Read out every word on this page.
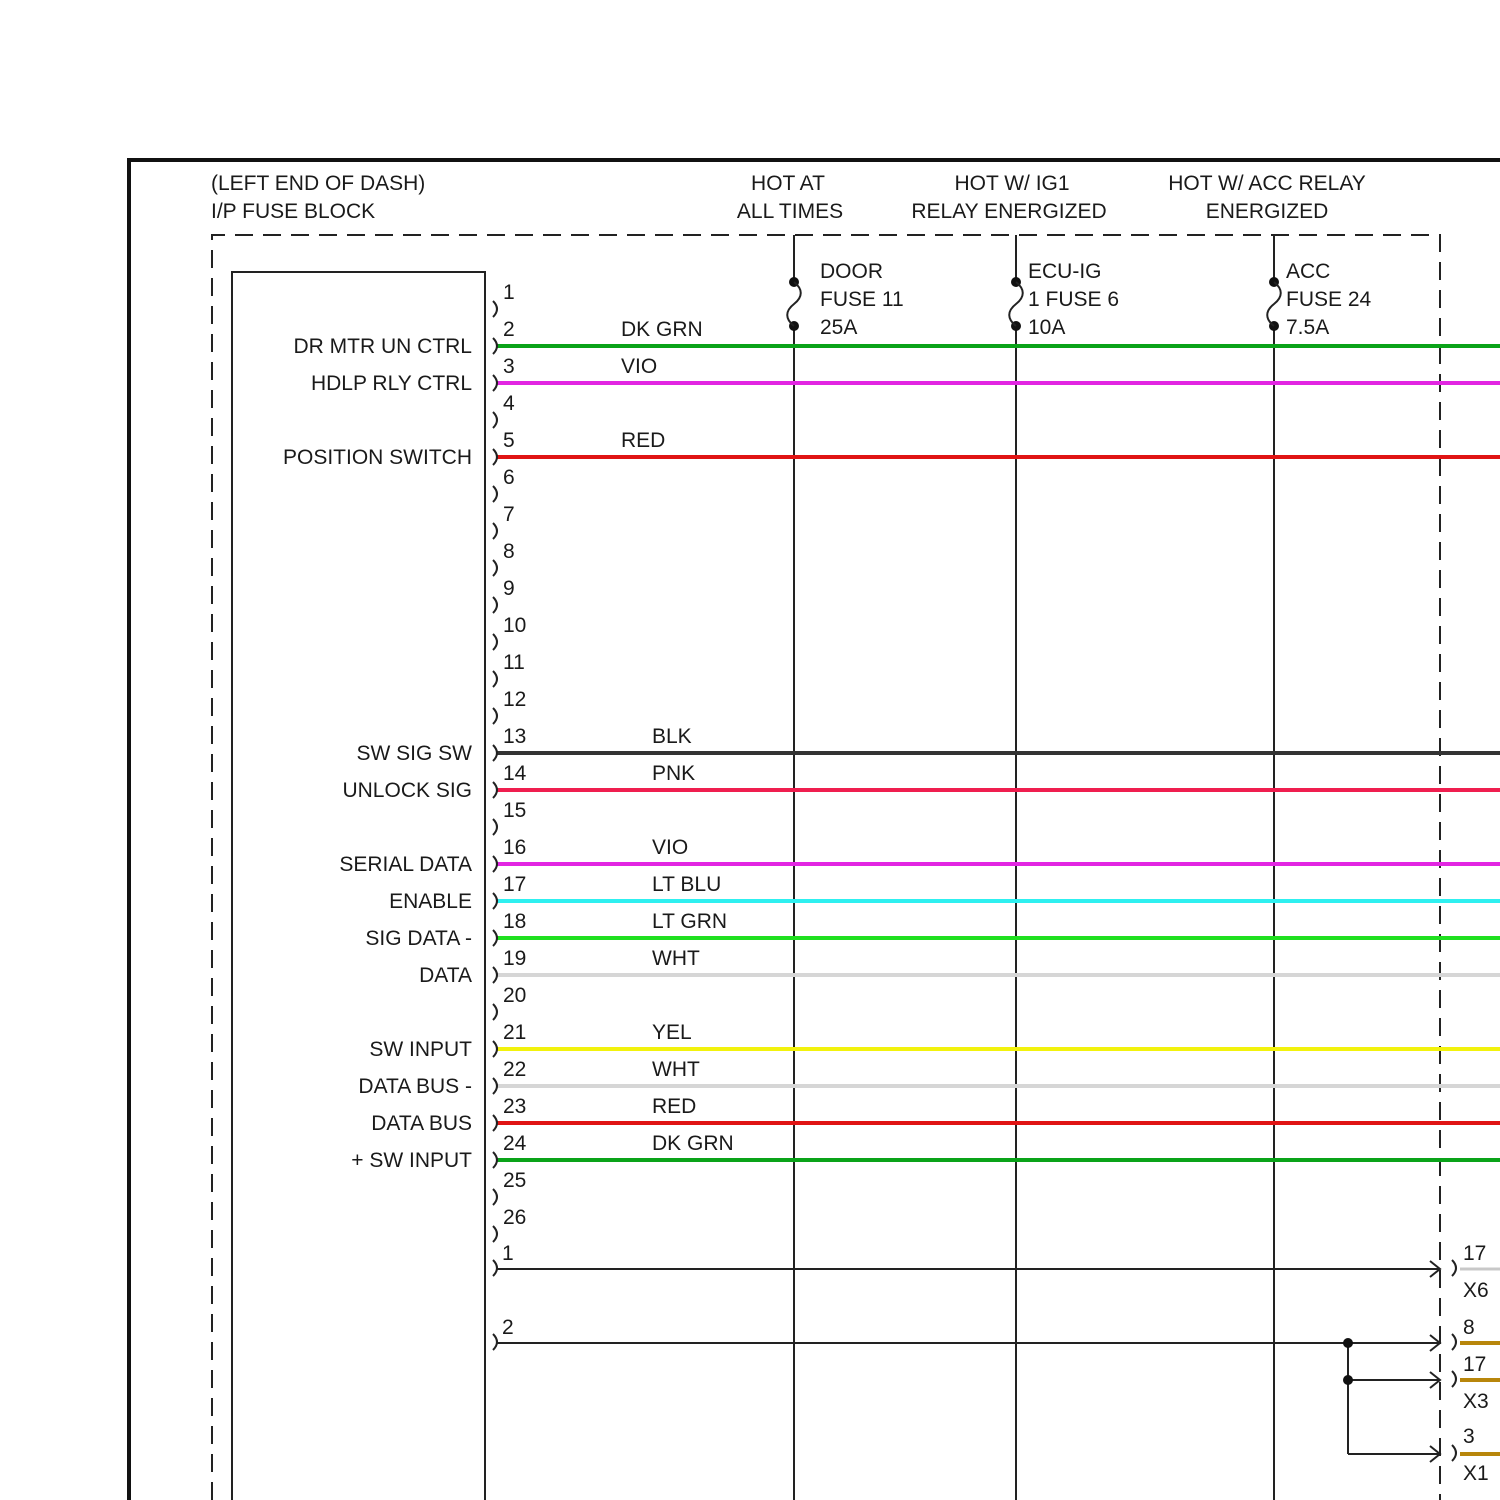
(LEFT END OF DASH)
I/P FUSE BLOCK
HOT AT
ALL TIMES
HOT W/ IG1
RELAY ENERGIZED
HOT W/ ACC RELAY
ENERGIZED
DOOR
FUSE 11
25A
ECU-IG
1 FUSE 6
10A
ACC
FUSE 24
7.5A
1
2
DR MTR UN CTRL
DK GRN
3
HDLP RLY CTRL
VIO
4
5
POSITION SWITCH
RED
6
7
8
9
10
11
12
13
SW SIG SW
BLK
14
UNLOCK SIG
PNK
15
16
SERIAL DATA
VIO
17
ENABLE
LT BLU
18
SIG DATA -
LT GRN
19
DATA
WHT
20
21
SW INPUT
YEL
22
DATA BUS -
WHT
23
DATA BUS
RED
24
+ SW INPUT
DK GRN
25
26
1	17
X6
2	8
17
X3
3
X1
